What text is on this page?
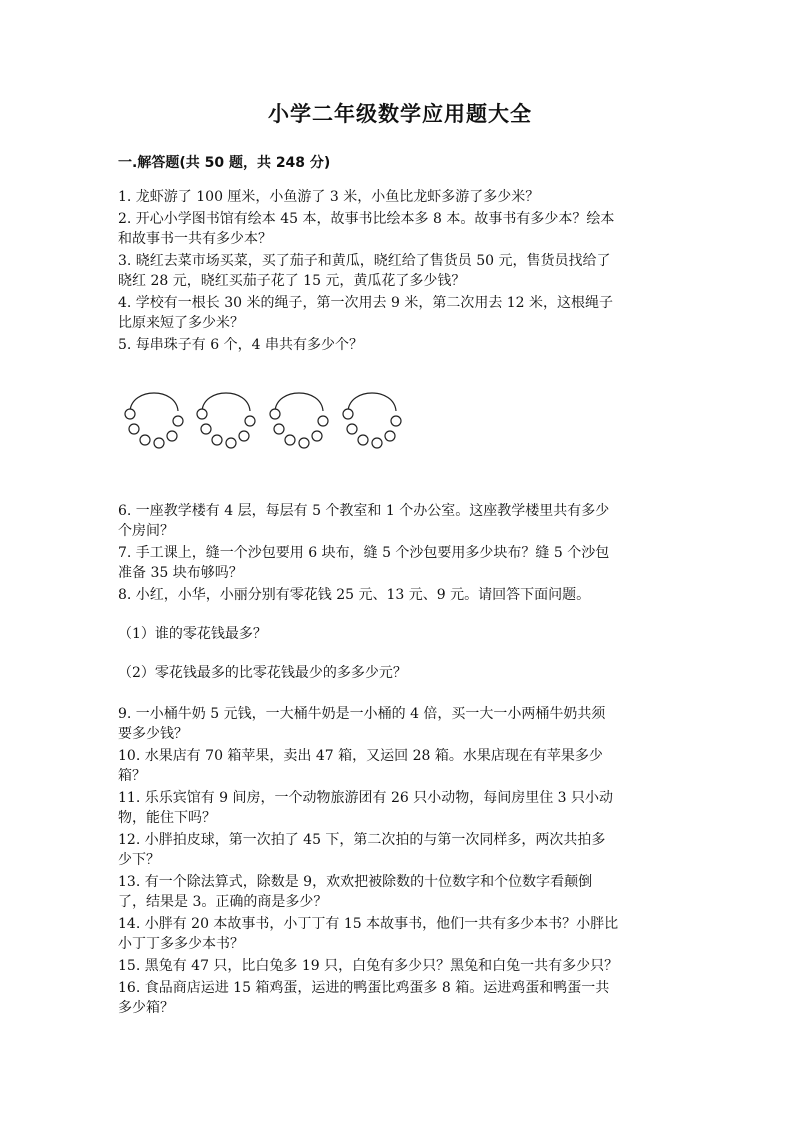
小学二年级数学应用题大全
一.解答题(共 50 题，共 248 分)
1. 龙虾游了 100 厘米，小鱼游了 3 米，小鱼比龙虾多游了多少米？
2. 开心小学图书馆有绘本 45 本，故事书比绘本多 8 本。故事书有多少本？绘本
和故事书一共有多少本？
3. 晓红去菜市场买菜，买了茄子和黄瓜，晓红给了售货员 50 元，售货员找给了
晓红 28 元，晓红买茄子花了 15 元，黄瓜花了多少钱？
4. 学校有一根长 30 米的绳子，第一次用去 9 米，第二次用去 12 米，这根绳子
比原来短了多少米？
5. 每串珠子有 6 个，4 串共有多少个？
6. 一座教学楼有 4 层，每层有 5 个教室和 1 个办公室。这座教学楼里共有多少
个房间？
7. 手工课上，缝一个沙包要用 6 块布，缝 5 个沙包要用多少块布？缝 5 个沙包
准备 35 块布够吗？
8. 小红，小华，小丽分别有零花钱 25 元、13 元、9 元。请回答下面问题。
（1）谁的零花钱最多？
（2）零花钱最多的比零花钱最少的多多少元？
9. 一小桶牛奶 5 元钱，一大桶牛奶是一小桶的 4 倍，买一大一小两桶牛奶共须
要多少钱？
10. 水果店有 70 箱苹果，卖出 47 箱，又运回 28 箱。水果店现在有苹果多少
箱？
11. 乐乐宾馆有 9 间房，一个动物旅游团有 26 只小动物，每间房里住 3 只小动
物，能住下吗？
12. 小胖拍皮球，第一次拍了 45 下，第二次拍的与第一次同样多，两次共拍多
少下？
13. 有一个除法算式，除数是 9，欢欢把被除数的十位数字和个位数字看颠倒
了，结果是 3。正确的商是多少？
14. 小胖有 20 本故事书，小丁丁有 15 本故事书，他们一共有多少本书？小胖比
小丁丁多多少本书？
15. 黑兔有 47 只，比白兔多 19 只，白兔有多少只？黑兔和白兔一共有多少只？
16. 食品商店运进 15 箱鸡蛋，运进的鸭蛋比鸡蛋多 8 箱。运进鸡蛋和鸭蛋一共
多少箱？
